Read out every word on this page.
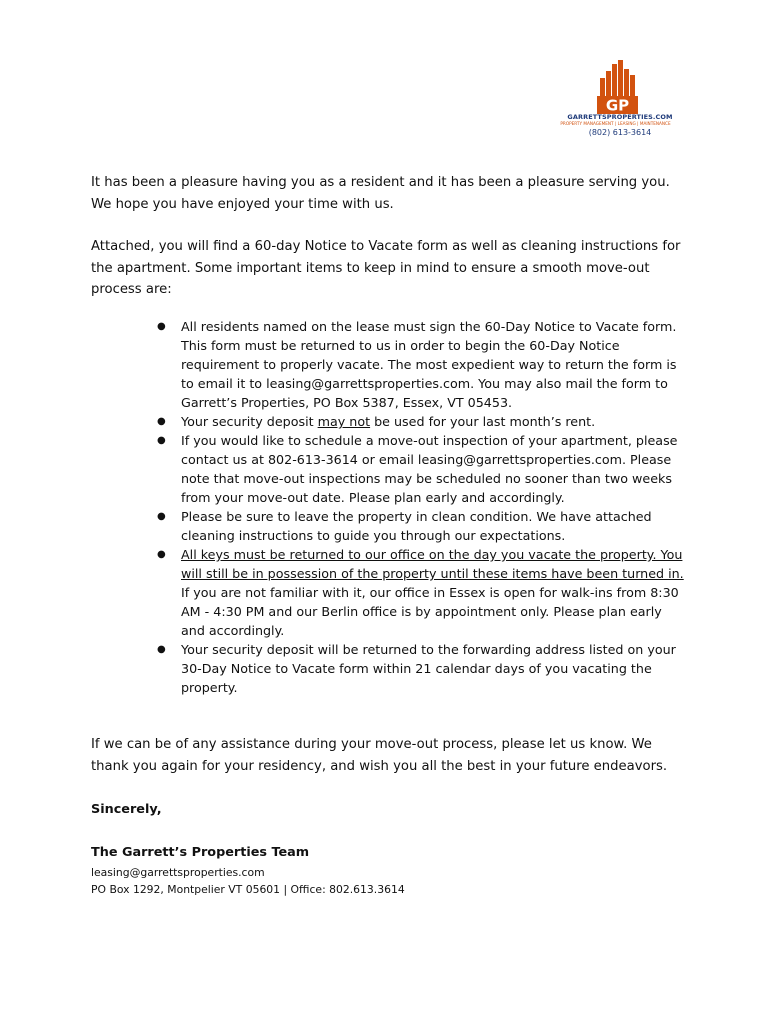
GP
GARRETTSPROPERTIES.COM
PROPERTY MANAGEMENT | LEASING | MAINTENANCE
(802) 613-3614

It has been a pleasure having you as a resident and it has been a pleasure serving you. We hope you have enjoyed your time with us.

Attached, you will find a 60-day Notice to Vacate form as well as cleaning instructions for the apartment. Some important items to keep in mind to ensure a smooth move-out process are:

● All residents named on the lease must sign the 60-Day Notice to Vacate form. This form must be returned to us in order to begin the 60-Day Notice requirement to properly vacate. The most expedient way to return the form is to email it to leasing@garrettsproperties.com. You may also mail the form to Garrett’s Properties, PO Box 5387, Essex, VT 05453.
● Your security deposit may not be used for your last month’s rent.
● If you would like to schedule a move-out inspection of your apartment, please contact us at 802-613-3614 or email leasing@garrettsproperties.com. Please note that move-out inspections may be scheduled no sooner than two weeks from your move-out date. Please plan early and accordingly.
● Please be sure to leave the property in clean condition. We have attached cleaning instructions to guide you through our expectations.
● All keys must be returned to our office on the day you vacate the property. You will still be in possession of the property until these items have been turned in. If you are not familiar with it, our office in Essex is open for walk-ins from 8:30 AM - 4:30 PM and our Berlin office is by appointment only. Please plan early and accordingly.
● Your security deposit will be returned to the forwarding address listed on your 30-Day Notice to Vacate form within 21 calendar days of you vacating the property.

If we can be of any assistance during your move-out process, please let us know. We thank you again for your residency, and wish you all the best in your future endeavors.

Sincerely,
The Garrett’s Properties Team
leasing@garrettsproperties.com
PO Box 1292, Montpelier VT 05601 | Office: 802.613.3614
